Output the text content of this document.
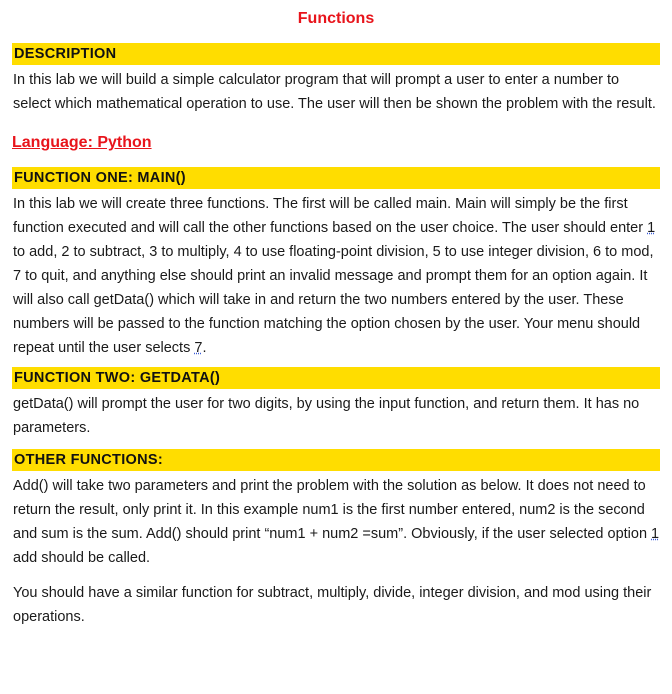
Functions
DESCRIPTION

In this lab we will build a simple calculator program that will prompt a user to enter a number to select which mathematical operation to use. The user will then be shown the problem with the result.

Language: Python

FUNCTION ONE: MAIN()

In this lab we will create three functions. The first will be called main. Main will simply be the first function executed and will call the other functions based on the user choice. The user should enter 1 to add, 2 to subtract, 3 to multiply, 4 to use floating-point division, 5 to use integer division, 6 to mod, 7 to quit, and anything else should print an invalid message and prompt them for an option again. It will also call getData() which will take in and return the two numbers entered by the user. These numbers will be passed to the function matching the option chosen by the user. Your menu should repeat until the user selects 7.

FUNCTION TWO: GETDATA()

getData() will prompt the user for two digits, by using the input function, and return them. It has no parameters.

OTHER FUNCTIONS:

Add() will take two parameters and print the problem with the solution as below. It does not need to return the result, only print it. In this example num1 is the first number entered, num2 is the second and sum is the sum. Add() should print “num1 + num2 =sum”. Obviously, if the user selected option 1 add should be called.

You should have a similar function for subtract, multiply, divide, integer division, and mod using their operations.
